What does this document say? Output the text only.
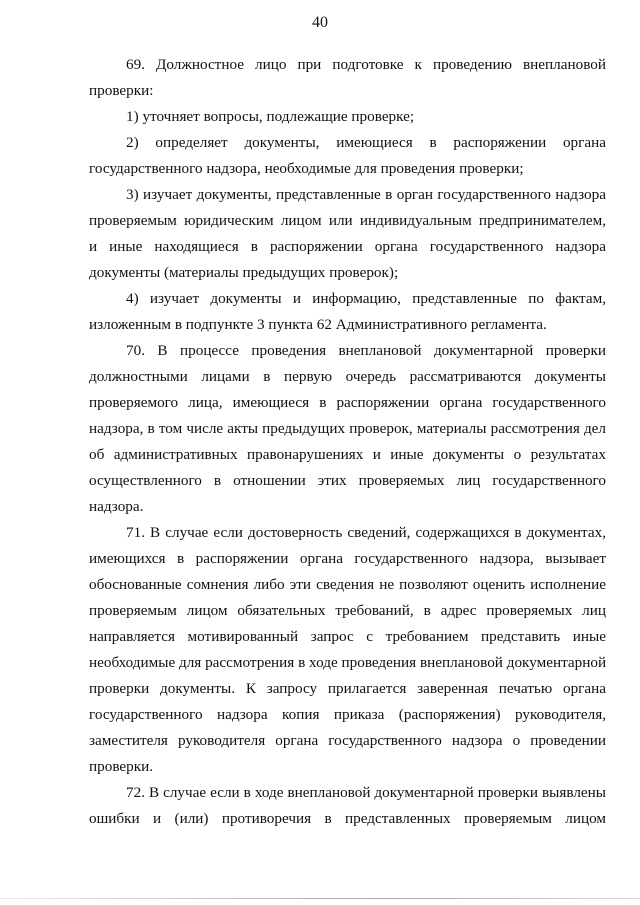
40
69. Должностное лицо при подготовке к проведению внеплановой
проверки:
1) уточняет вопросы, подлежащие проверке;
2) определяет документы, имеющиеся в распоряжении органа
государственного надзора, необходимые для проведения проверки;
3) изучает документы, представленные в орган государственного надзора
проверяемым юридическим лицом или индивидуальным предпринимателем,
и иные находящиеся в распоряжении органа государственного надзора
документы (материалы предыдущих проверок);
4) изучает документы и информацию, представленные по фактам,
изложенным в подпункте 3 пункта 62 Административного регламента.
70. В процессе проведения внеплановой документарной проверки
должностными лицами в первую очередь рассматриваются документы
проверяемого лица, имеющиеся в распоряжении органа государственного
надзора, в том числе акты предыдущих проверок, материалы рассмотрения дел
об административных правонарушениях и иные документы о результатах
осуществленного в отношении этих проверяемых лиц государственного
надзора.
71. В случае если достоверность сведений, содержащихся в документах,
имеющихся в распоряжении органа государственного надзора, вызывает
обоснованные сомнения либо эти сведения не позволяют оценить исполнение
проверяемым лицом обязательных требований, в адрес проверяемых лиц
направляется мотивированный запрос с требованием представить иные
необходимые для рассмотрения в ходе проведения внеплановой документарной
проверки документы. К запросу прилагается заверенная печатью органа
государственного надзора копия приказа (распоряжения) руководителя,
заместителя руководителя органа государственного надзора о проведении
проверки.
72. В случае если в ходе внеплановой документарной проверки выявлены
ошибки и (или) противоречия в представленных проверяемым лицом
